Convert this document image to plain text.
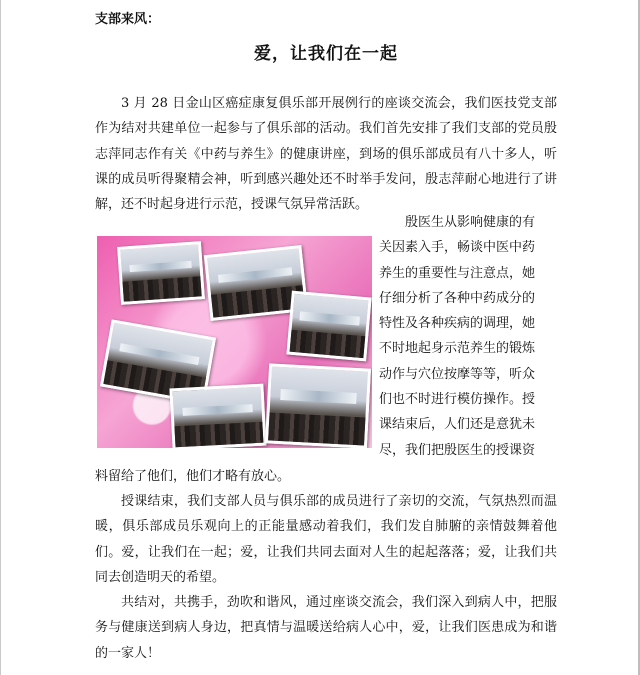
支部来风：
爱，让我们在一起

3 月 28 日金山区癌症康复俱乐部开展例行的座谈交流会，我们医技党支部作为结对共建单位一起参与了俱乐部的活动。我们首先安排了我们支部的党员殷志萍同志作有关《中药与养生》的健康讲座，到场的俱乐部成员有八十多人，听课的成员听得聚精会神，听到感兴趣处还不时举手发问，殷志萍耐心地进行了讲解，还不时起身进行示范，授课气氛异常活跃。

殷医生从影响健康的有
关因素入手，畅谈中医中药
养生的重要性与注意点，她
仔细分析了各种中药成分的
特性及各种疾病的调理，她
不时地起身示范养生的锻炼
动作与穴位按摩等等，听众
们也不时进行模仿操作。授
课结束后，人们还是意犹未
尽，我们把殷医生的授课资

料留给了他们，他们才略有放心。

授课结束，我们支部人员与俱乐部的成员进行了亲切的交流，气氛热烈而温暖，俱乐部成员乐观向上的正能量感动着我们，我们发自肺腑的亲情鼓舞着他们。爱，让我们在一起；爱，让我们共同去面对人生的起起落落；爱，让我们共同去创造明天的希望。

共结对，共携手，劲吹和谐风，通过座谈交流会，我们深入到病人中，把服务与健康送到病人身边，把真情与温暖送给病人心中，爱，让我们医患成为和谐的一家人！
